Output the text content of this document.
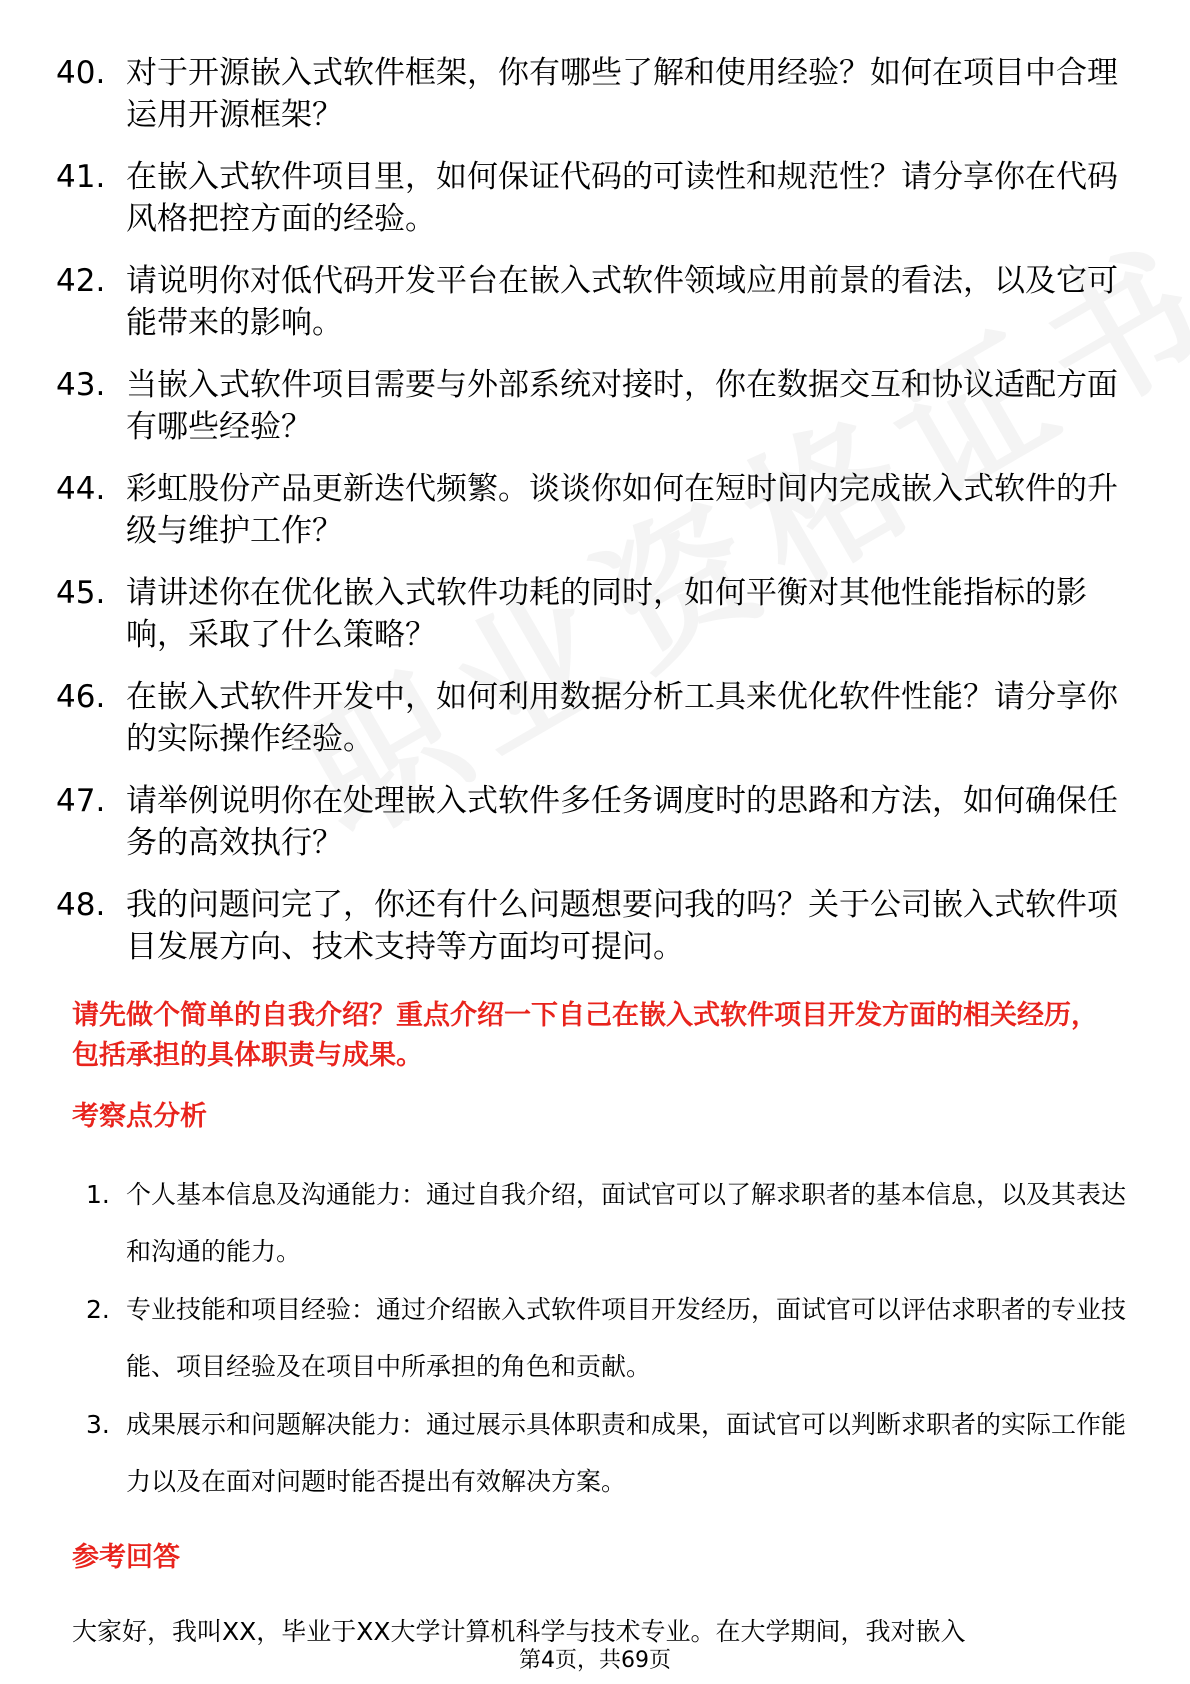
40. 对于开源嵌入式软件框架，你有哪些了解和使用经验？如何在项目中合理运用开源框架？
41. 在嵌入式软件项目里，如何保证代码的可读性和规范性？请分享你在代码风格把控方面的经验。
42. 请说明你对低代码开发平台在嵌入式软件领域应用前景的看法，以及它可能带来的影响。
43. 当嵌入式软件项目需要与外部系统对接时，你在数据交互和协议适配方面有哪些经验？
44. 彩虹股份产品更新迭代频繁。谈谈你如何在短时间内完成嵌入式软件的升级与维护工作？
45. 请讲述你在优化嵌入式软件功耗的同时，如何平衡对其他性能指标的影响，采取了什么策略？
46. 在嵌入式软件开发中，如何利用数据分析工具来优化软件性能？请分享你的实际操作经验。
47. 请举例说明你在处理嵌入式软件多任务调度时的思路和方法，如何确保任务的高效执行？
48. 我的问题问完了，你还有什么问题想要问我的吗？关于公司嵌入式软件项目发展方向、技术支持等方面均可提问。
请先做个简单的自我介绍？重点介绍一下自己在嵌入式软件项目开发方面的相关经历，包括承担的具体职责与成果。
考察点分析
1. 个人基本信息及沟通能力：通过自我介绍，面试官可以了解求职者的基本信息，以及其表达和沟通的能力。
2. 专业技能和项目经验：通过介绍嵌入式软件项目开发经历，面试官可以评估求职者的专业技能、项目经验及在项目中所承担的角色和贡献。
3. 成果展示和问题解决能力：通过展示具体职责和成果，面试官可以判断求职者的实际工作能力以及在面对问题时能否提出有效解决方案。
参考回答
大家好，我叫XX，毕业于XX大学计算机科学与技术专业。在大学期间，我对嵌入
第4页，共69页
